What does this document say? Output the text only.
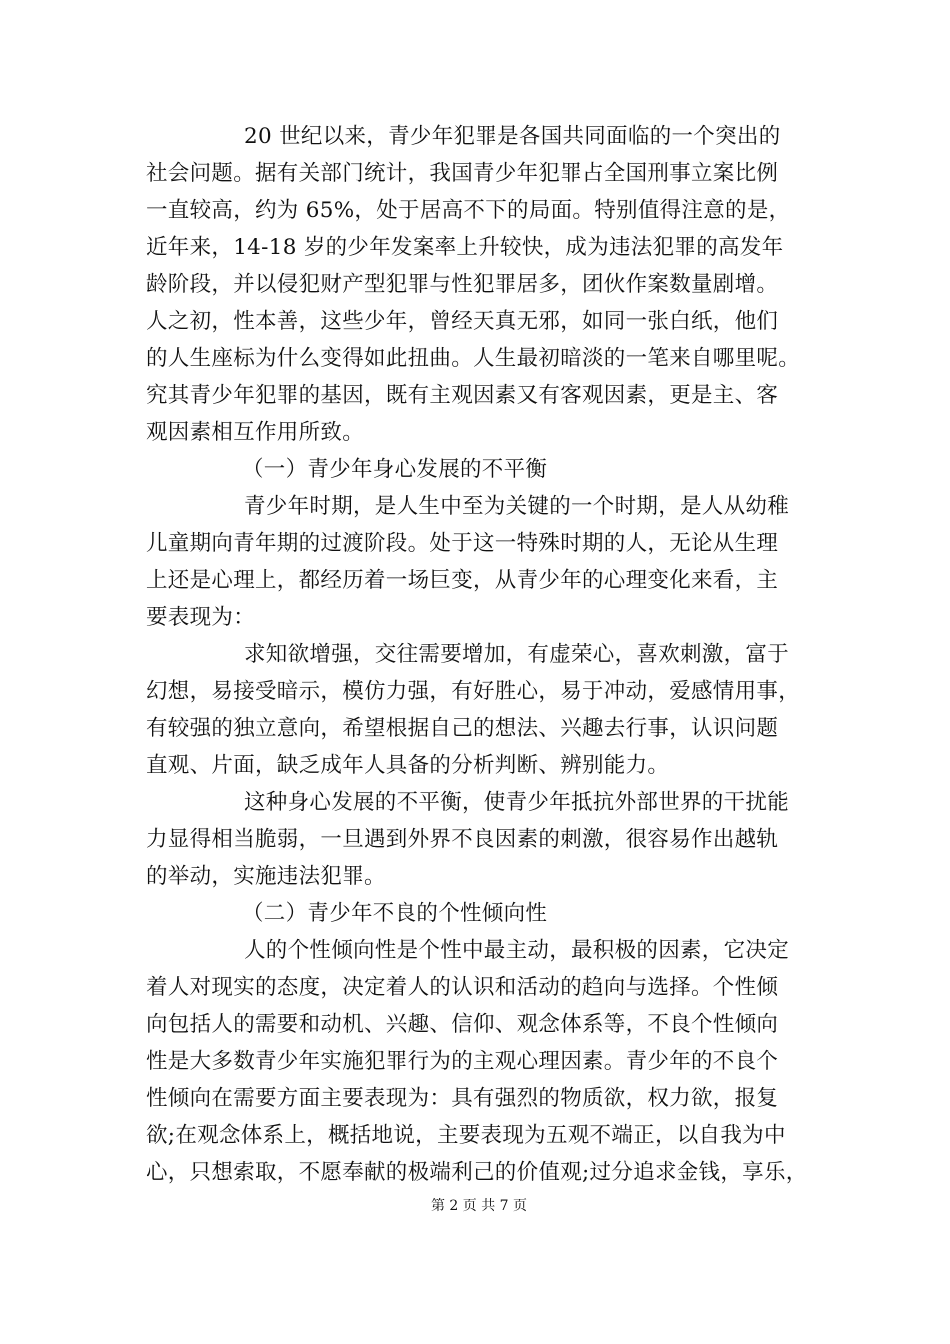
20 世纪以来，青少年犯罪是各国共同面临的一个突出的
社会问题。据有关部门统计，我国青少年犯罪占全国刑事立案比例
一直较高，约为 65%，处于居高不下的局面。特别值得注意的是，
近年来，14-18 岁的少年发案率上升较快，成为违法犯罪的高发年
龄阶段，并以侵犯财产型犯罪与性犯罪居多，团伙作案数量剧增。
人之初，性本善，这些少年，曾经天真无邪，如同一张白纸，他们
的人生座标为什么变得如此扭曲。人生最初暗淡的一笔来自哪里呢。
究其青少年犯罪的基因，既有主观因素又有客观因素，更是主、客
观因素相互作用所致。
（一）青少年身心发展的不平衡
青少年时期，是人生中至为关键的一个时期，是人从幼稚
儿童期向青年期的过渡阶段。处于这一特殊时期的人，无论从生理
上还是心理上，都经历着一场巨变，从青少年的心理变化来看，主
要表现为：
求知欲增强，交往需要增加，有虚荣心，喜欢刺激，富于
幻想，易接受暗示，模仿力强，有好胜心，易于冲动，爱感情用事，
有较强的独立意向，希望根据自己的想法、兴趣去行事，认识问题
直观、片面，缺乏成年人具备的分析判断、辨别能力。
这种身心发展的不平衡，使青少年抵抗外部世界的干扰能
力显得相当脆弱，一旦遇到外界不良因素的刺激，很容易作出越轨
的举动，实施违法犯罪。
（二）青少年不良的个性倾向性
人的个性倾向性是个性中最主动，最积极的因素，它决定
着人对现实的态度，决定着人的认识和活动的趋向与选择。个性倾
向包括人的需要和动机、兴趣、信仰、观念体系等，不良个性倾向
性是大多数青少年实施犯罪行为的主观心理因素。青少年的不良个
性倾向在需要方面主要表现为：具有强烈的物质欲，权力欲，报复
欲;在观念体系上，概括地说，主要表现为五观不端正，以自我为中
心，只想索取，不愿奉献的极端利己的价值观;过分追求金钱，享乐，
第 2 页 共 7 页
